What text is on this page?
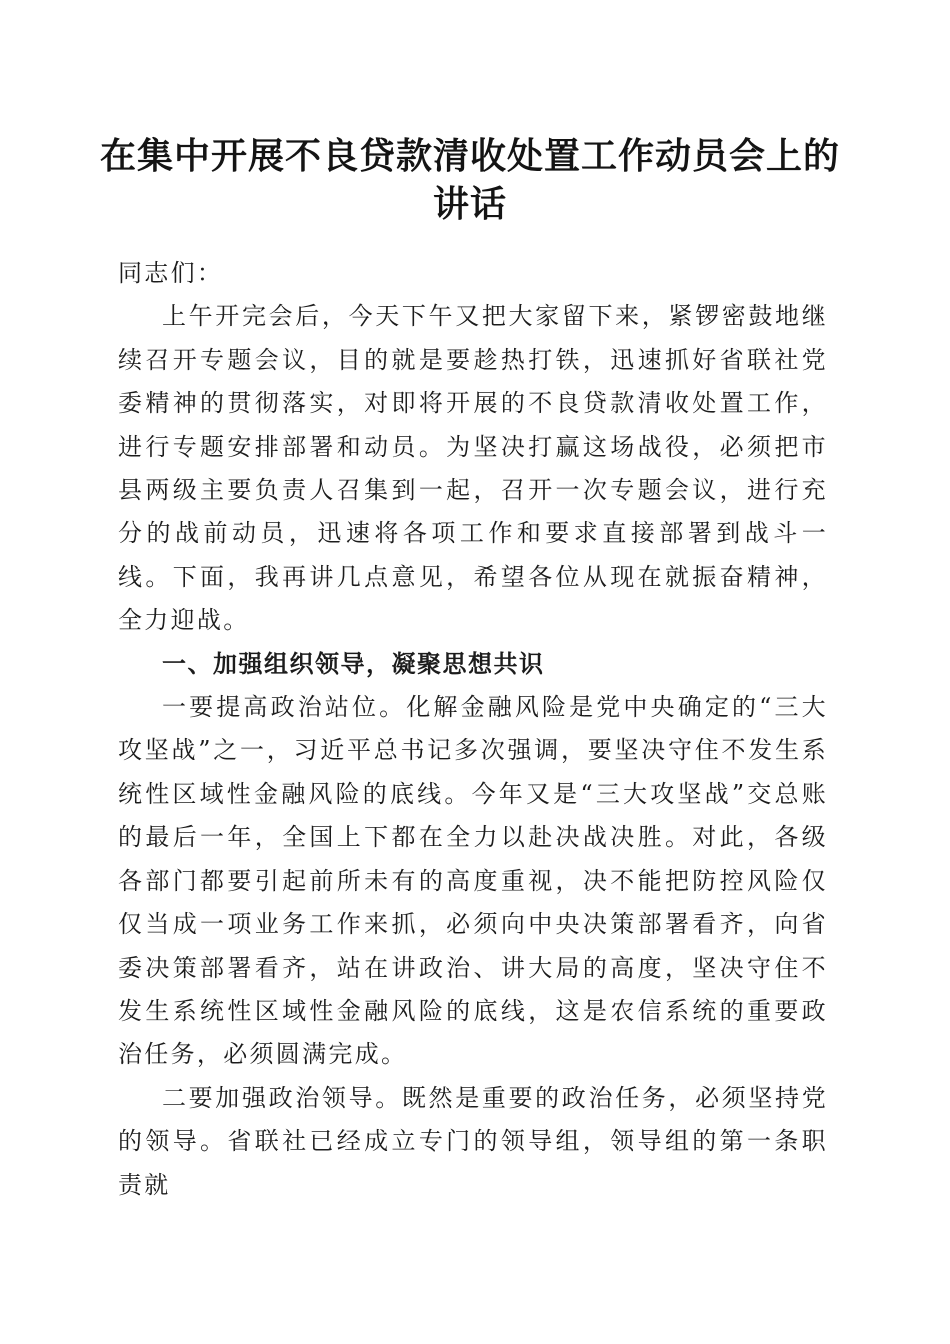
在集中开展不良贷款清收处置工作动员会上的讲话

同志们：

上午开完会后，今天下午又把大家留下来，紧锣密鼓地继续召开专题会议，目的就是要趁热打铁，迅速抓好省联社党委精神的贯彻落实，对即将开展的不良贷款清收处置工作，进行专题安排部署和动员。为坚决打赢这场战役，必须把市县两级主要负责人召集到一起，召开一次专题会议，进行充分的战前动员，迅速将各项工作和要求直接部署到战斗一线。下面，我再讲几点意见，希望各位从现在就振奋精神，全力迎战。

一、加强组织领导，凝聚思想共识

一要提高政治站位。化解金融风险是党中央确定的“三大攻坚战”之一，习近平总书记多次强调，要坚决守住不发生系统性区域性金融风险的底线。今年又是“三大攻坚战”交总账的最后一年，全国上下都在全力以赴决战决胜。对此，各级各部门都要引起前所未有的高度重视，决不能把防控风险仅仅当成一项业务工作来抓，必须向中央决策部署看齐，向省委决策部署看齐，站在讲政治、讲大局的高度，坚决守住不发生系统性区域性金融风险的底线，这是农信系统的重要政治任务，必须圆满完成。

二要加强政治领导。既然是重要的政治任务，必须坚持党的领导。省联社已经成立专门的领导组，领导组的第一条职责就
